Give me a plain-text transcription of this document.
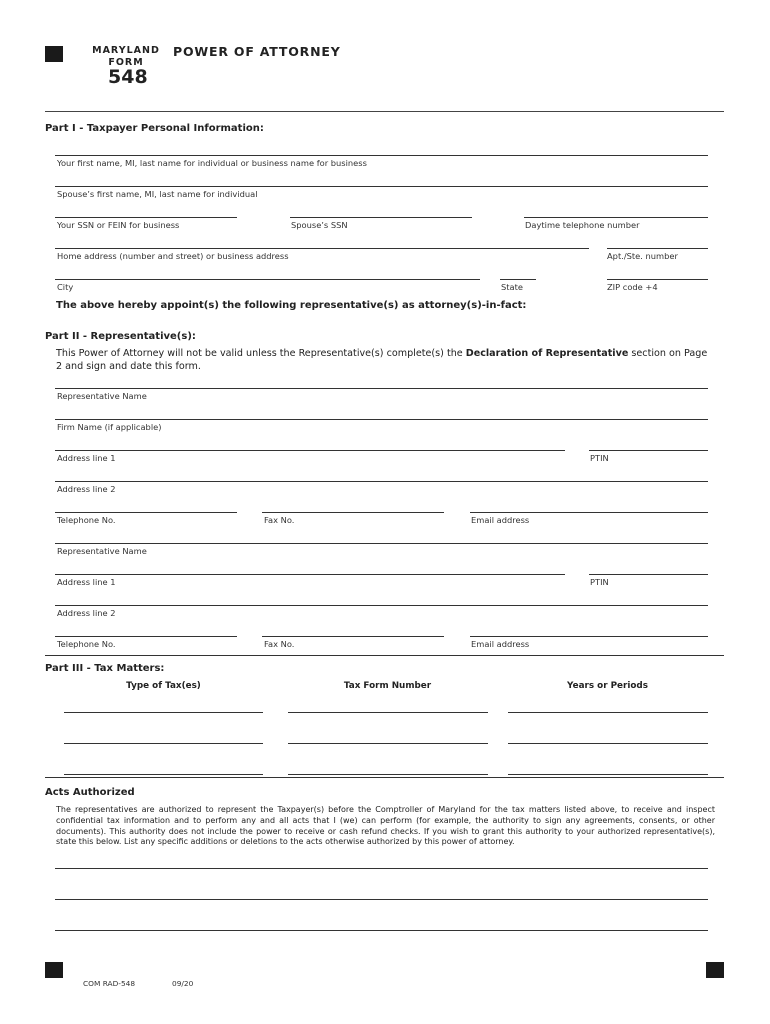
MARYLAND
FORM
548
POWER OF ATTORNEY
Part I - Taxpayer Personal Information:
Your first name, MI, last name for individual or business name for business
Spouse’s first name, MI, last name for individual
Your SSN or FEIN for business	Spouse’s SSN	Daytime telephone number
Home address (number and street) or business address	Apt./Ste. number
City	State	ZIP code +4
The above hereby appoint(s) the following representative(s) as attorney(s)-in-fact:
Part II - Representative(s):
This Power of Attorney will not be valid unless the Representative(s) complete(s) the Declaration of Representative section on Page 2 and sign and date this form.
Representative Name
Firm Name (if applicable)
Address line 1	PTIN
Address line 2
Telephone No.	Fax No.	Email address
Representative Name
Address line 1	PTIN
Address line 2
Telephone No.	Fax No.	Email address
Part III - Tax Matters:
Type of Tax(es)	Tax Form Number	Years or Periods
Acts Authorized
The representatives are authorized to represent the Taxpayer(s) before the Comptroller of Maryland for the tax matters listed above, to receive and inspect confidential tax information and to perform any and all acts that I (we) can perform (for example, the authority to sign any agreements, consents, or other documents). This authority does not include the power to receive or cash refund checks. If you wish to grant this authority to your authorized representative(s), state this below. List any specific additions or deletions to the acts otherwise authorized by this power of attorney.
COM RAD-548	09/20
